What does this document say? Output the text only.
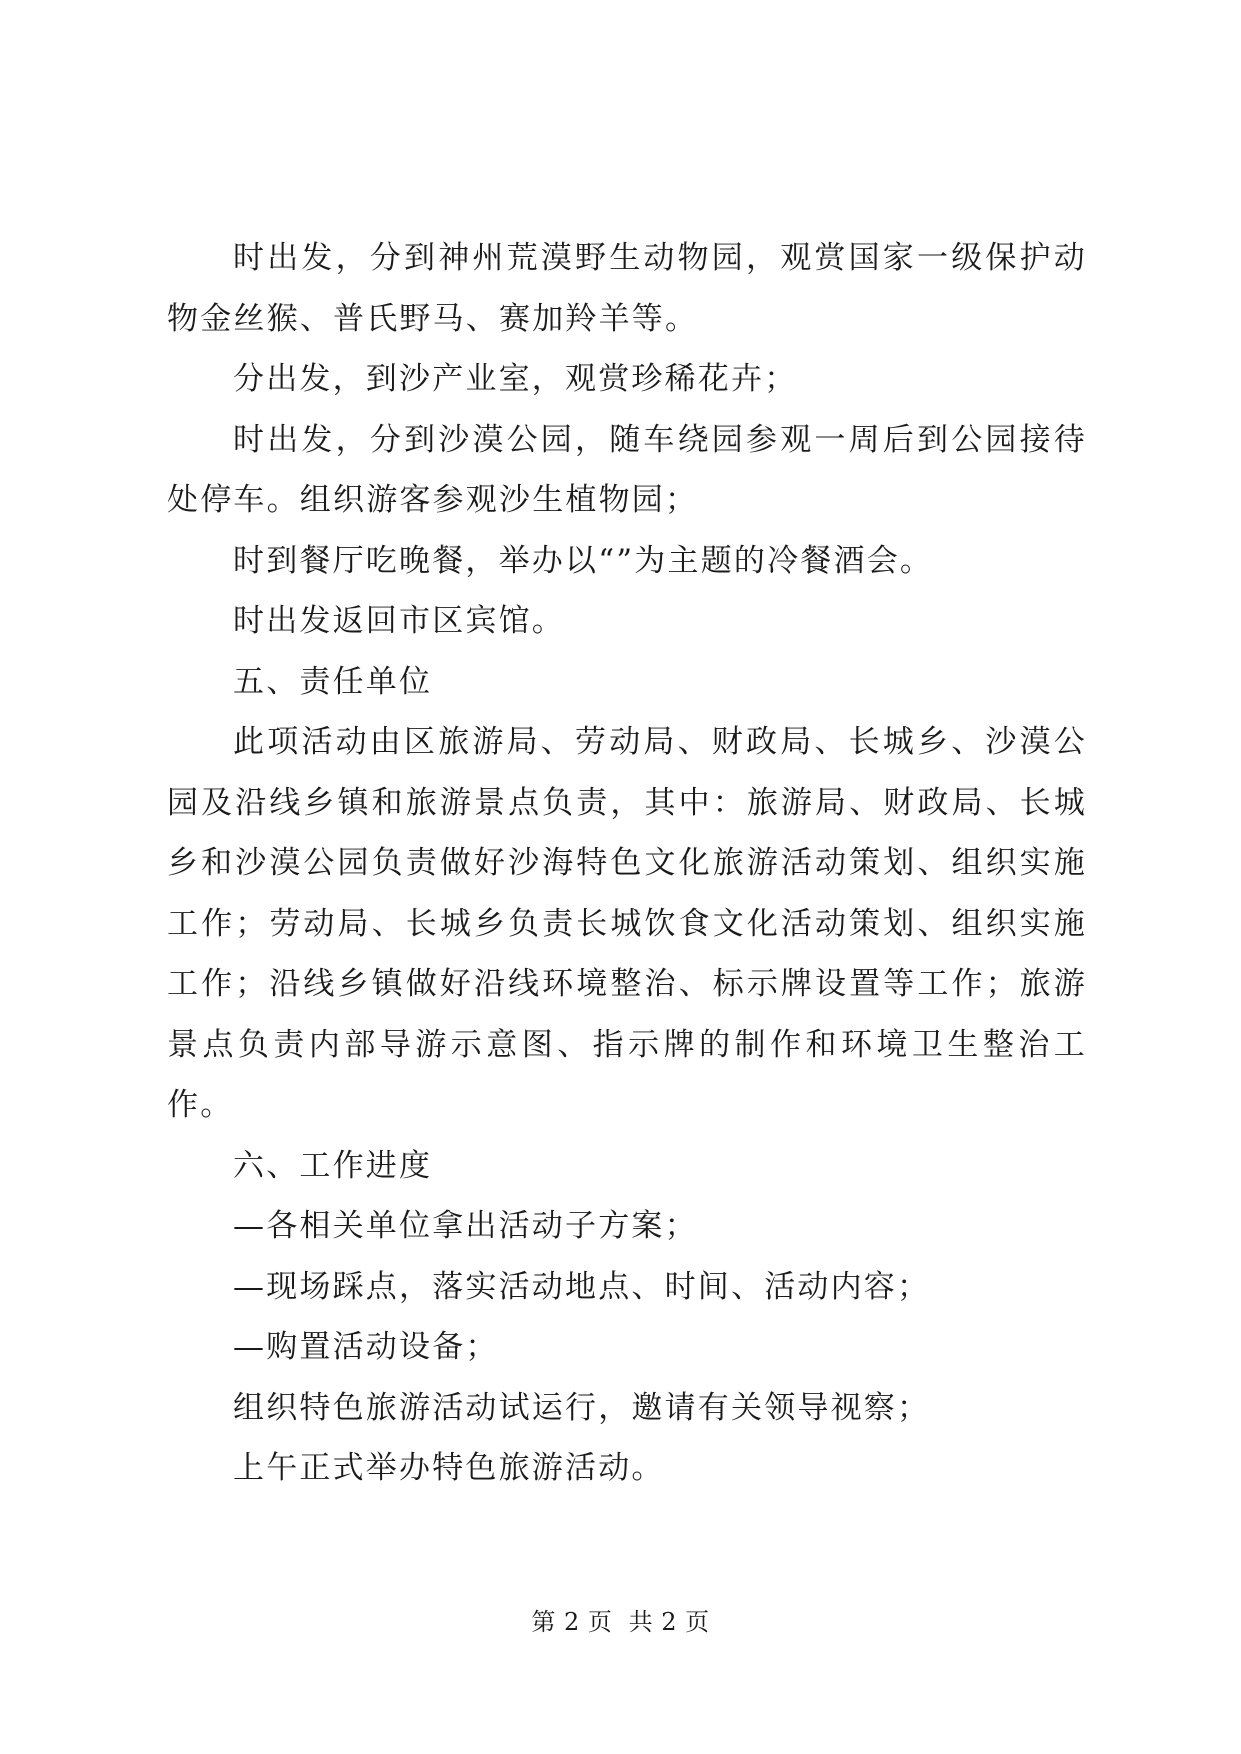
时出发，分到神州荒漠野生动物园，观赏国家一级保护动物金丝猴、普氏野马、赛加羚羊等。

分出发，到沙产业室，观赏珍稀花卉；

时出发，分到沙漠公园，随车绕园参观一周后到公园接待处停车。组织游客参观沙生植物园；

时到餐厅吃晚餐，举办以“”为主题的冷餐酒会。

时出发返回市区宾馆。

五、责任单位

此项活动由区旅游局、劳动局、财政局、长城乡、沙漠公园及沿线乡镇和旅游景点负责，其中：旅游局、财政局、长城乡和沙漠公园负责做好沙海特色文化旅游活动策划、组织实施工作；劳动局、长城乡负责长城饮食文化活动策划、组织实施工作；沿线乡镇做好沿线环境整治、标示牌设置等工作；旅游景点负责内部导游示意图、指示牌的制作和环境卫生整治工作。

六、工作进度

—各相关单位拿出活动子方案；

—现场踩点，落实活动地点、时间、活动内容；

—购置活动设备；

组织特色旅游活动试运行，邀请有关领导视察；

上午正式举办特色旅游活动。

第 2 页  共 2 页
